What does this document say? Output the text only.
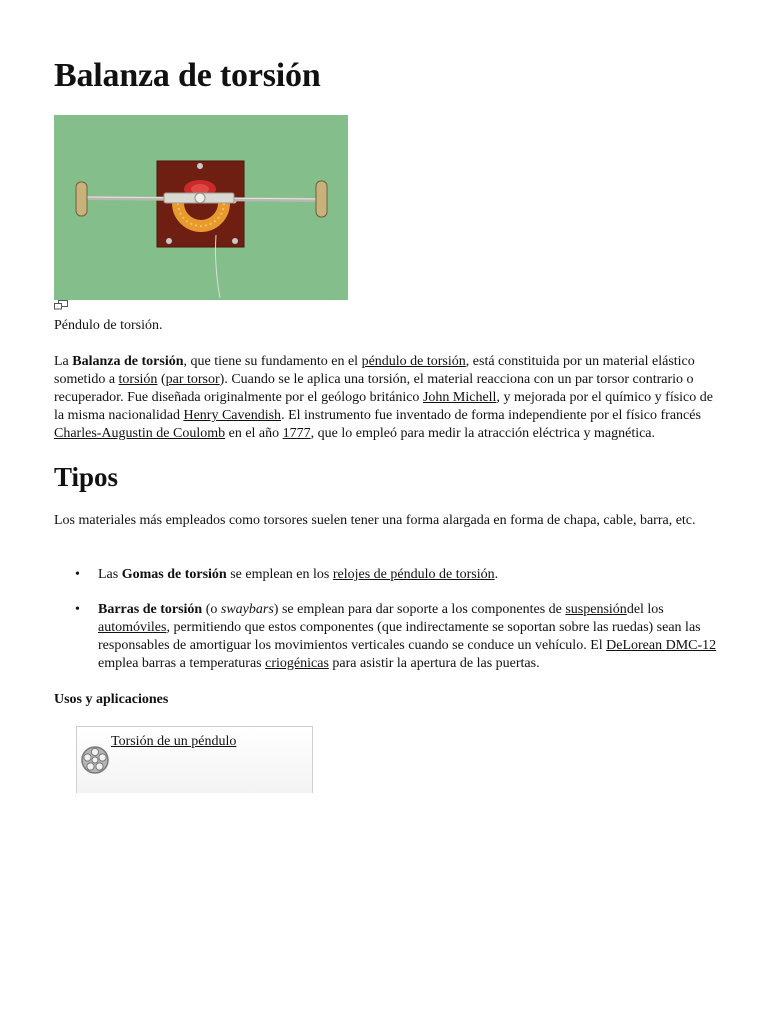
Balanza de torsión
Péndulo de torsión.

La Balanza de torsión, que tiene su fundamento en el péndulo de torsión, está constituida por un material elástico sometido a torsión (par torsor). Cuando se le aplica una torsión, el material reacciona con un par torsor contrario o recuperador. Fue diseñada originalmente por el geólogo británico John Michell, y mejorada por el químico y físico de la misma nacionalidad Henry Cavendish. El instrumento fue inventado de forma independiente por el físico francés Charles-Augustin de Coulomb en el año 1777, que lo empleó para medir la atracción eléctrica y magnética.

Tipos

Los materiales más empleados como torsores suelen tener una forma alargada en forma de chapa, cable, barra, etc.

• Las Gomas de torsión se emplean en los relojes de péndulo de torsión.
• Barras de torsión (o swaybars) se emplean para dar soporte a los componentes de suspensióndel los automóviles, permitiendo que estos componentes (que indirectamente se soportan sobre las ruedas) sean las responsables de amortiguar los movimientos verticales cuando se conduce un vehículo. El DeLorean DMC-12 emplea barras a temperaturas criogénicas para asistir la apertura de las puertas.
Usos y aplicaciones
Torsión de un péndulo
